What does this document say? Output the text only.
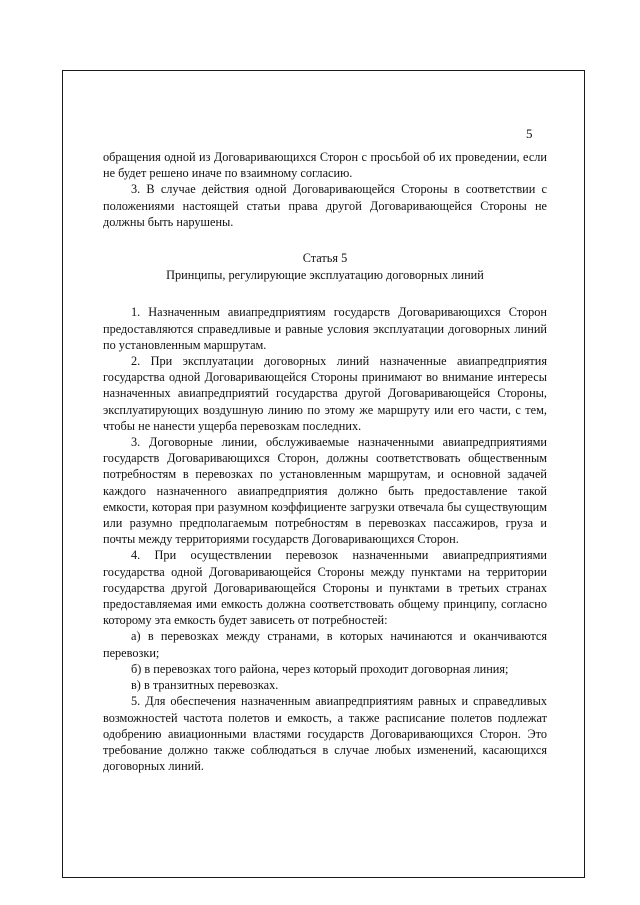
5

обращения одной из Договаривающихся Сторон с просьбой об их проведении, если не будет решено иначе по взаимному согласию.

3. В случае действия одной Договаривающейся Стороны в соответствии с положениями настоящей статьи права другой Договаривающейся Стороны не должны быть нарушены.

Статья 5

Принципы, регулирующие эксплуатацию договорных линий

1. Назначенным авиапредприятиям государств Договаривающихся Сторон предоставляются справедливые и равные условия эксплуатации договорных линий по установленным маршрутам.

2. При эксплуатации договорных линий назначенные авиапредприятия государства одной Договаривающейся Стороны принимают во внимание интересы назначенных авиапредприятий государства другой Договаривающейся Стороны, эксплуатирующих воздушную линию по этому же маршруту или его части, с тем, чтобы не нанести ущерба перевозкам последних.

3. Договорные линии, обслуживаемые назначенными авиапредприятиями государств Договаривающихся Сторон, должны соответствовать общественным потребностям в перевозках по установленным маршрутам, и основной задачей каждого назначенного авиапредприятия должно быть предоставление такой емкости, которая при разумном коэффициенте загрузки отвечала бы существующим или разумно предполагаемым потребностям в перевозках пассажиров, груза и почты между территориями государств Договаривающихся Сторон.

4. При осуществлении перевозок назначенными авиапредприятиями государства одной Договаривающейся Стороны между пунктами на территории государства другой Договаривающейся Стороны и пунктами в третьих странах предоставляемая ими емкость должна соответствовать общему принципу, согласно которому эта емкость будет зависеть от потребностей:

а) в перевозках между странами, в которых начинаются и оканчиваются перевозки;

б) в перевозках того района, через который проходит договорная линия;

в) в транзитных перевозках.

5. Для обеспечения назначенным авиапредприятиям равных и справедливых возможностей частота полетов и емкость, а также расписание полетов подлежат одобрению авиационными властями государств Договаривающихся Сторон. Это требование должно также соблюдаться в случае любых изменений, касающихся договорных линий.
